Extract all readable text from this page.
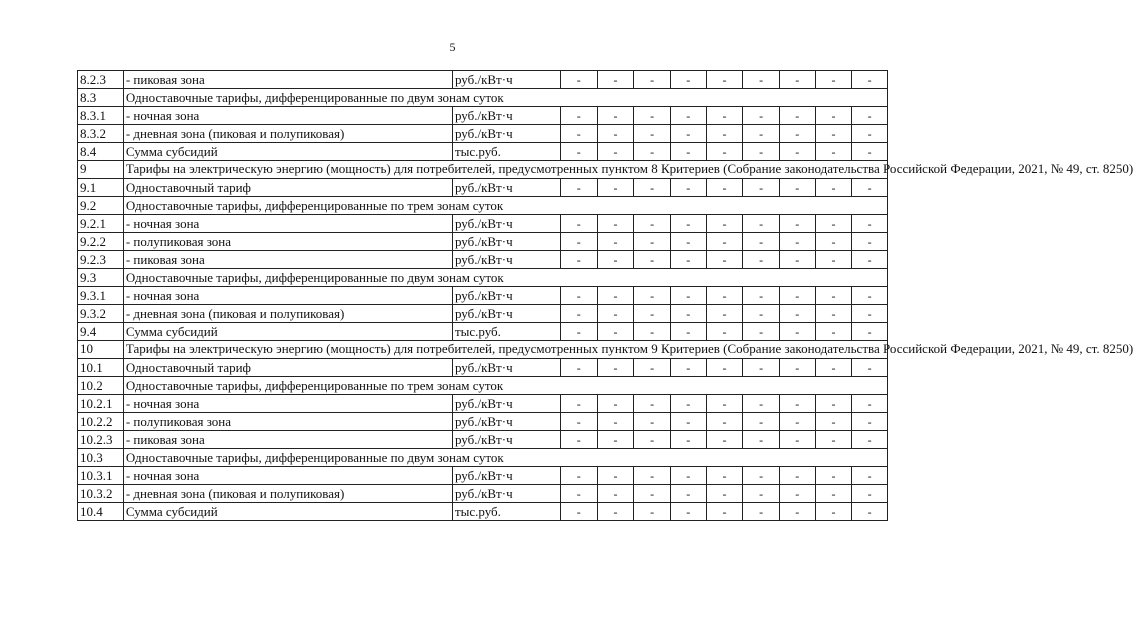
5
8.2.3	- пиковая зона	руб./кВт·ч	-	-	-	-	-	-	-	-	-
8.3	Одноставочные тарифы, дифференцированные по двум зонам суток										
8.3.1	- ночная зона	руб./кВт·ч	-	-	-	-	-	-	-	-	-
8.3.2	- дневная зона (пиковая и полупиковая)	руб./кВт·ч	-	-	-	-	-	-	-	-	-
8.4	Сумма субсидий	тыс.руб.	-	-	-	-	-	-	-	-	-
9	Тарифы на электрическую энергию (мощность) для потребителей, предусмотренных пунктом 8 Критериев (Собрание законодательства Российской Федерации, 2021, № 49, ст. 8250)										
9.1	Одноставочный тариф	руб./кВт·ч	-	-	-	-	-	-	-	-	-
9.2	Одноставочные тарифы, дифференцированные по трем зонам суток										
9.2.1	- ночная зона	руб./кВт·ч	-	-	-	-	-	-	-	-	-
9.2.2	- полупиковая зона	руб./кВт·ч	-	-	-	-	-	-	-	-	-
9.2.3	- пиковая зона	руб./кВт·ч	-	-	-	-	-	-	-	-	-
9.3	Одноставочные тарифы, дифференцированные по двум зонам суток										
9.3.1	- ночная зона	руб./кВт·ч	-	-	-	-	-	-	-	-	-
9.3.2	- дневная зона (пиковая и полупиковая)	руб./кВт·ч	-	-	-	-	-	-	-	-	-
9.4	Сумма субсидий	тыс.руб.	-	-	-	-	-	-	-	-	-
10	Тарифы на электрическую энергию (мощность) для потребителей, предусмотренных пунктом 9 Критериев (Собрание законодательства Российской Федерации, 2021, № 49, ст. 8250)										
10.1	Одноставочный тариф	руб./кВт·ч	-	-	-	-	-	-	-	-	-
10.2	Одноставочные тарифы, дифференцированные по трем зонам суток										
10.2.1	- ночная зона	руб./кВт·ч	-	-	-	-	-	-	-	-	-
10.2.2	- полупиковая зона	руб./кВт·ч	-	-	-	-	-	-	-	-	-
10.2.3	- пиковая зона	руб./кВт·ч	-	-	-	-	-	-	-	-	-
10.3	Одноставочные тарифы, дифференцированные по двум зонам суток										
10.3.1	- ночная зона	руб./кВт·ч	-	-	-	-	-	-	-	-	-
10.3.2	- дневная зона (пиковая и полупиковая)	руб./кВт·ч	-	-	-	-	-	-	-	-	-
10.4	Сумма субсидий	тыс.руб.	-	-	-	-	-	-	-	-	-
